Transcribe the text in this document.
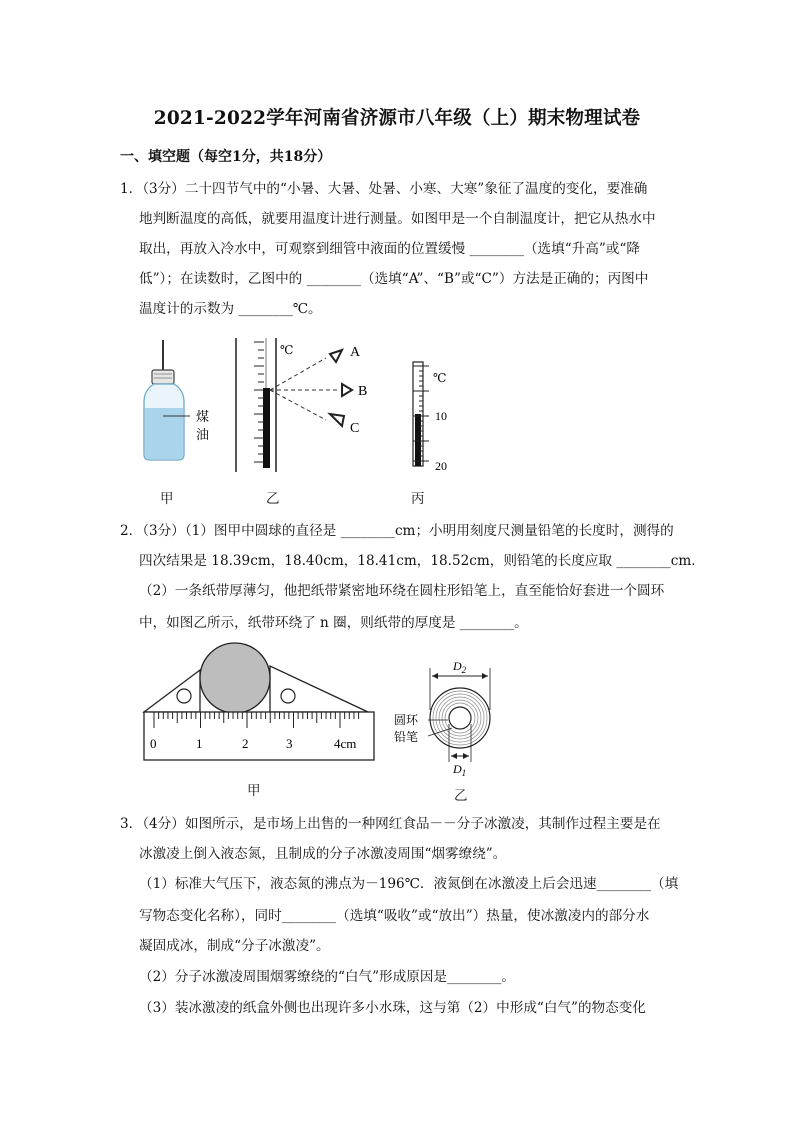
2021-2022学年河南省济源市八年级（上）期末物理试卷
一、填空题（每空1分，共18分）
1．（3分）二十四节气中的“小暑、大暑、处暑、小寒、大寒”象征了温度的变化，要准确
地判断温度的高低，就要用温度计进行测量。如图甲是一个自制温度计，把它从热水中
取出，再放入冷水中，可观察到细管中液面的位置缓慢 ________（选填“升高”或“降
低”）；在读数时，乙图中的 ________（选填“A”、“B”或“C”）方法是正确的；丙图中
温度计的示数为 ________℃。
煤
油
℃	A
B
C
℃
10
20
甲	乙	丙
2．（3分）（1）图甲中圆球的直径是 ________cm；小明用刻度尺测量铅笔的长度时，测得的
四次结果是 18.39cm，18.40cm，18.41cm，18.52cm，则铅笔的长度应取 ________cm.
（2）一条纸带厚薄匀，他把纸带紧密地环绕在圆柱形铅笔上，直至能恰好套进一个圆环
中，如图乙所示，纸带环绕了 n 圈，则纸带的厚度是 ________。
0	1	2	3	4cm
圆环
铅笔
$D_2$
$D_1$
甲	乙
3．（4分）如图所示，是市场上出售的一种网红食品－－分子冰激凌，其制作过程主要是在
冰激凌上倒入液态氮，且制成的分子冰激凌周围“烟雾缭绕”。
（1）标准大气压下，液态氮的沸点为－196℃．液氮倒在冰激凌上后会迅速________（填
写物态变化名称），同时________（选填“吸收”或“放出”）热量，使冰激凌内的部分水
凝固成冰，制成“分子冰激凌”。
（2）分子冰激凌周围烟雾缭绕的“白气”形成原因是________。
（3）装冰激凌的纸盒外侧也出现许多小水珠，这与第（2）中形成“白气”的物态变化
